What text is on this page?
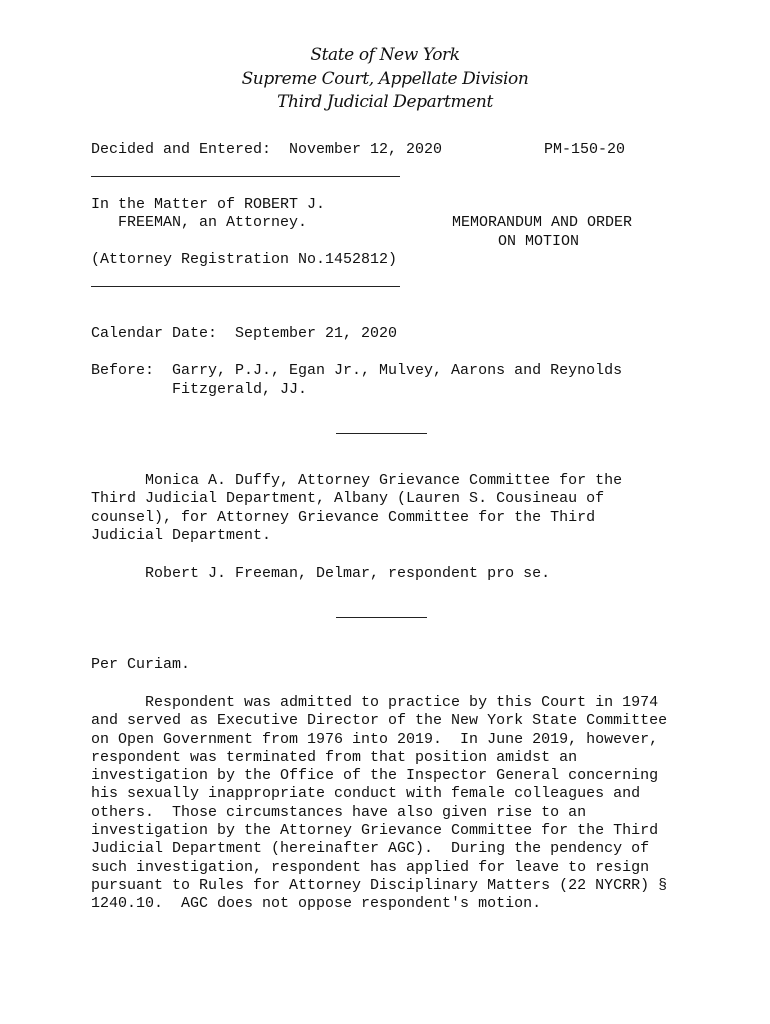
State of New York
Supreme Court, Appellate Division
Third Judicial Department
Decided and Entered:  November 12, 2020	PM-150-20
In the Matter of ROBERT J.
FREEMAN, an Attorney.
(Attorney Registration No.1452812)
MEMORANDUM AND ORDER
ON MOTION
Calendar Date:  September 21, 2020
Before:  Garry, P.J., Egan Jr., Mulvey, Aarons and Reynolds
Fitzgerald, JJ.
Monica A. Duffy, Attorney Grievance Committee for the
Third Judicial Department, Albany (Lauren S. Cousineau of
counsel), for Attorney Grievance Committee for the Third
Judicial Department.
Robert J. Freeman, Delmar, respondent pro se.
Per Curiam.
Respondent was admitted to practice by this Court in 1974
and served as Executive Director of the New York State Committee
on Open Government from 1976 into 2019.  In June 2019, however,
respondent was terminated from that position amidst an
investigation by the Office of the Inspector General concerning
his sexually inappropriate conduct with female colleagues and
others.  Those circumstances have also given rise to an
investigation by the Attorney Grievance Committee for the Third
Judicial Department (hereinafter AGC).  During the pendency of
such investigation, respondent has applied for leave to resign
pursuant to Rules for Attorney Disciplinary Matters (22 NYCRR) §
1240.10.  AGC does not oppose respondent's motion.
